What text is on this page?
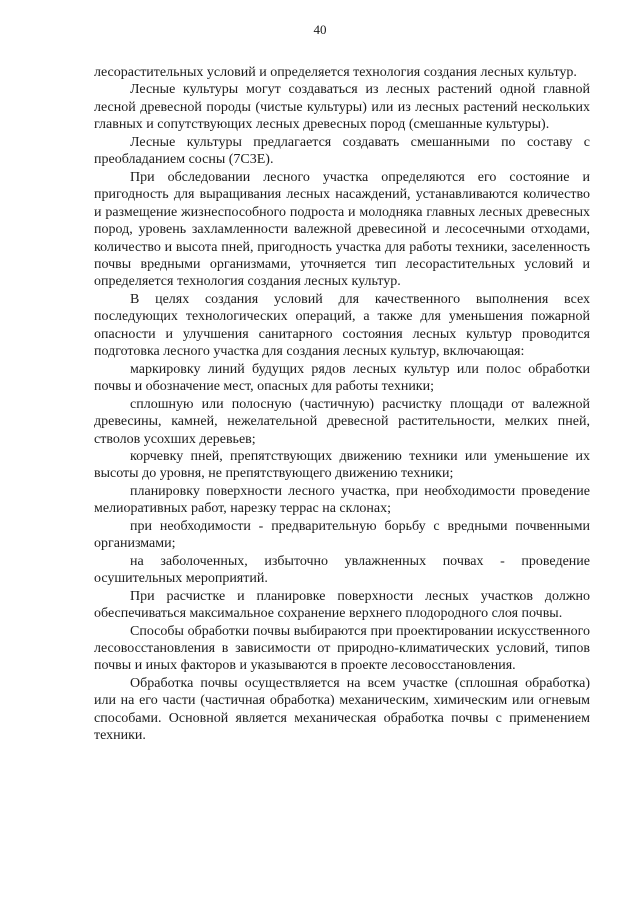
40

лесорастительных условий и определяется технология создания лесных культур.

Лесные культуры могут создаваться из лесных растений одной главной лесной древесной породы (чистые культуры) или из лесных растений нескольких главных и сопутствующих лесных древесных пород (смешанные культуры).

Лесные культуры предлагается создавать смешанными по составу с преобладанием сосны (7С3Е).

При обследовании лесного участка определяются его состояние и пригодность для выращивания лесных насаждений, устанавливаются количество и размещение жизнеспособного подроста и молодняка главных лесных древесных пород, уровень захламленности валежной древесиной и лесосечными отходами, количество и высота пней, пригодность участка для работы техники, заселенность почвы вредными организмами, уточняется тип лесорастительных условий и определяется технология создания лесных культур.

В целях создания условий для качественного выполнения всех последующих технологических операций, а также для уменьшения пожарной опасности и улучшения санитарного состояния лесных культур проводится подготовка лесного участка для создания лесных культур, включающая:

маркировку линий будущих рядов лесных культур или полос обработки почвы и обозначение мест, опасных для работы техники;

сплошную или полосную (частичную) расчистку площади от валежной древесины, камней, нежелательной древесной растительности, мелких пней, стволов усохших деревьев;

корчевку пней, препятствующих движению техники или уменьшение их высоты до уровня, не препятствующего движению техники;

планировку поверхности лесного участка, при необходимости проведение мелиоративных работ, нарезку террас на склонах;

при необходимости - предварительную борьбу с вредными почвенными организмами;

на заболоченных, избыточно увлажненных почвах - проведение осушительных мероприятий.

При расчистке и планировке поверхности лесных участков должно обеспечиваться максимальное сохранение верхнего плодородного слоя почвы.

Способы обработки почвы выбираются при проектировании искусственного лесовосстановления в зависимости от природно-климатических условий, типов почвы и иных факторов и указываются в проекте лесовосстановления.

Обработка почвы осуществляется на всем участке (сплошная обработка) или на его части (частичная обработка) механическим, химическим или огневым способами. Основной является механическая обработка почвы с применением техники.
